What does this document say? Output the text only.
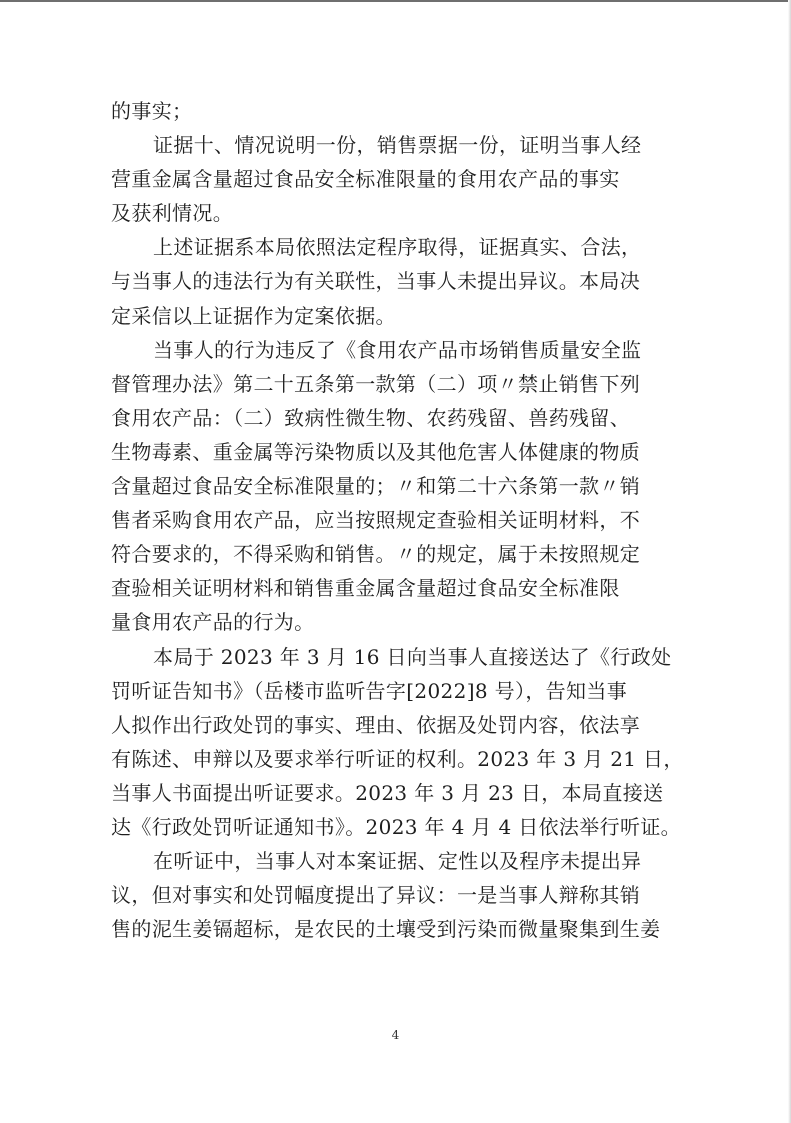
的事实；
证据十、情况说明一份，销售票据一份，证明当事人经
营重金属含量超过食品安全标准限量的食用农产品的事实
及获利情况。
上述证据系本局依照法定程序取得，证据真实、合法，
与当事人的违法行为有关联性，当事人未提出异议。本局决
定采信以上证据作为定案依据。
当事人的行为违反了《食用农产品市场销售质量安全监
督管理办法》第二十五条第一款第（二）项〃禁止销售下列
食用农产品：（二）致病性微生物、农药残留、兽药残留、
生物毒素、重金属等污染物质以及其他危害人体健康的物质
含量超过食品安全标准限量的；〃和第二十六条第一款〃销
售者采购食用农产品，应当按照规定查验相关证明材料，不
符合要求的，不得采购和销售。〃的规定，属于未按照规定
查验相关证明材料和销售重金属含量超过食品安全标准限
量食用农产品的行为。
本局于 2023 年 3 月 16 日向当事人直接送达了《行政处
罚听证告知书》（岳楼市监听告字[2022]8 号），告知当事
人拟作出行政处罚的事实、理由、依据及处罚内容，依法享
有陈述、申辩以及要求举行听证的权利。2023 年 3 月 21 日，
当事人书面提出听证要求。2023 年 3 月 23 日，本局直接送
达《行政处罚听证通知书》。2023 年 4 月 4 日依法举行听证。
在听证中，当事人对本案证据、定性以及程序未提出异
议，但对事实和处罚幅度提出了异议：一是当事人辩称其销
售的泥生姜镉超标，是农民的土壤受到污染而微量聚集到生姜
4
